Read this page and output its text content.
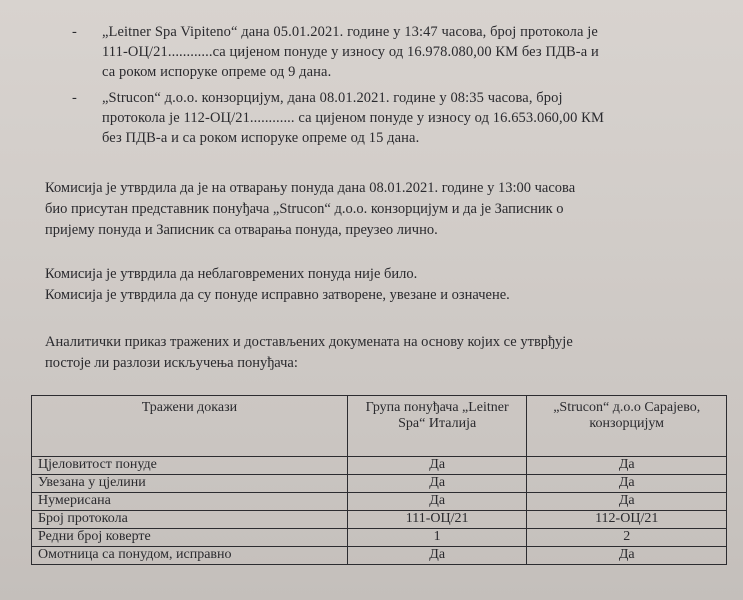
- „Leitner Spa Vipiteno“ дана 05.01.2021. године у 13:47 часова, број протокола је
111-ОЦ/21............са цијеном понуде у износу од 16.978.080,00 КМ без ПДВ-а и
са роком испоруке опреме од 9 дана.
- „Strucon“ д.о.о. конзорцијум, дана 08.01.2021. године у 08:35 часова, број
протокола је 112-ОЦ/21............ са цијеном понуде у износу од 16.653.060,00 КМ
без ПДВ-а и са роком испоруке опреме од 15 дана.
Комисија је утврдила да је на отварању понуда дана 08.01.2021. године у 13:00 часова
био присутан представник понуђача „Strucon“ д.о.о. конзорцијум и да је Записник о
пријему понуда и Записник са отварања понуда, преузео лично.
Комисија је утврдила да неблаговремених понуда није било.
Комисија је утврдила да су понуде исправно затворене, увезане и означене.
Аналитички приказ тражених и достављених докумената на основу којих се утврђује
постоје ли разлози искључења понуђача:
Тражени докази	Група понуђача „Leitner Spa“ Италија	„Strucon“ д.о.о Сарајево, конзорцијум
Цјеловитост понуде	Да	Да
Увезана у цјелини	Да	Да
Нумерисана	Да	Да
Број протокола	111-ОЦ/21	112-ОЦ/21
Редни број коверте	1	2
Омотница са понудом, исправно	Да	Да
